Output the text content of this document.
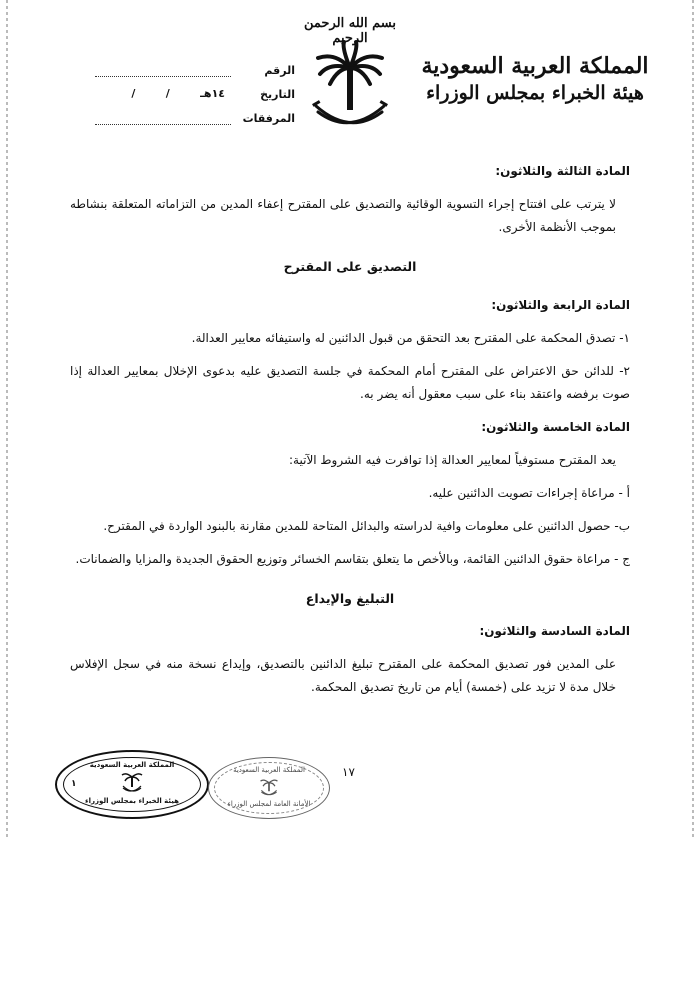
بسم الله الرحمن الرحيم
المملكة العربية السعودية
هيئة الخبراء بمجلس الوزراء
الرقم
التاريخ
١٤هـ
/
/
المرفقات

المادة الثالثة والثلاثون:

لا يترتب على افتتاح إجراء التسوية الوقائية والتصديق على المقترح إعفاء المدين من التزاماته المتعلقة بنشاطه بموجب الأنظمة الأخرى.

التصديق على المقترح

المادة الرابعة والثلاثون:

١- تصدق المحكمة على المقترح بعد التحقق من قبول الدائنين له واستيفائه معايير العدالة.

٢- للدائن حق الاعتراض على المقترح أمام المحكمة في جلسة التصديق عليه بدعوى الإخلال بمعايير العدالة إذا صوت برفضه واعتقد بناء على سبب معقول أنه يضر به.

المادة الخامسة والثلاثون:

يعد المقترح مستوفياً لمعايير العدالة إذا توافرت فيه الشروط الآتية:

أ - مراعاة إجراءات تصويت الدائنين عليه.

ب- حصول الدائنين على معلومات وافية لدراسته والبدائل المتاحة للمدين مقارنة بالبنود الواردة في المقترح.

ج - مراعاة حقوق الدائنين القائمة، وبالأخص ما يتعلق بتقاسم الخسائر وتوزيع الحقوق الجديدة والمزايا والضمانات.

التبليغ والإيداع

المادة السادسة والثلاثون:

على المدين فور تصديق المحكمة على المقترح تبليغ الدائنين بالتصديق، وإيداع نسخة منه في سجل الإفلاس خلال مدة لا تزيد على (خمسة) أيام من تاريخ تصديق المحكمة.

المملكة العربية السعودية
هيئة الخبراء بمجلس الوزراء
١
المملكة العربية السعودية
الأمانة العامة لمجلس الوزراء
١٧
